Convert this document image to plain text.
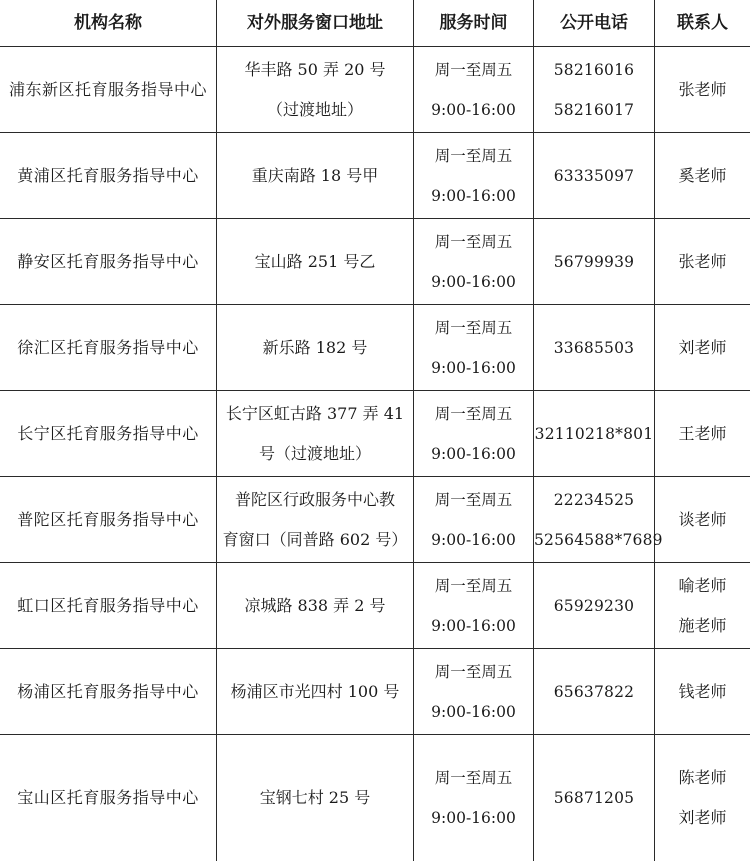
机构名称	对外服务窗口地址	服务时间	公开电话	联系人

浦东新区托育服务指导中心	华丰路 50 弄 20 号
（过渡地址）	周一至周五
9:00-16:00	58216016
58216017	张老师

黄浦区托育服务指导中心	重庆南路 18 号甲	周一至周五
9:00-16:00	63335097	奚老师

静安区托育服务指导中心	宝山路 251 号乙	周一至周五
9:00-16:00	56799939	张老师

徐汇区托育服务指导中心	新乐路 182 号	周一至周五
9:00-16:00	33685503	刘老师

长宁区托育服务指导中心	长宁区虹古路 377 弄 41
号（过渡地址）	周一至周五
9:00-16:00	32110218*801	王老师

普陀区托育服务指导中心	普陀区行政服务中心教
育窗口（同普路 602 号）	周一至周五
9:00-16:00	22234525
52564588*7689	谈老师

虹口区托育服务指导中心	凉城路 838 弄 2 号	周一至周五
9:00-16:00	65929230	喻老师
施老师

杨浦区托育服务指导中心	杨浦区市光四村 100 号	周一至周五
9:00-16:00	65637822	钱老师

宝山区托育服务指导中心	宝钢七村 25 号	周一至周五
9:00-16:00	56871205	陈老师
刘老师
